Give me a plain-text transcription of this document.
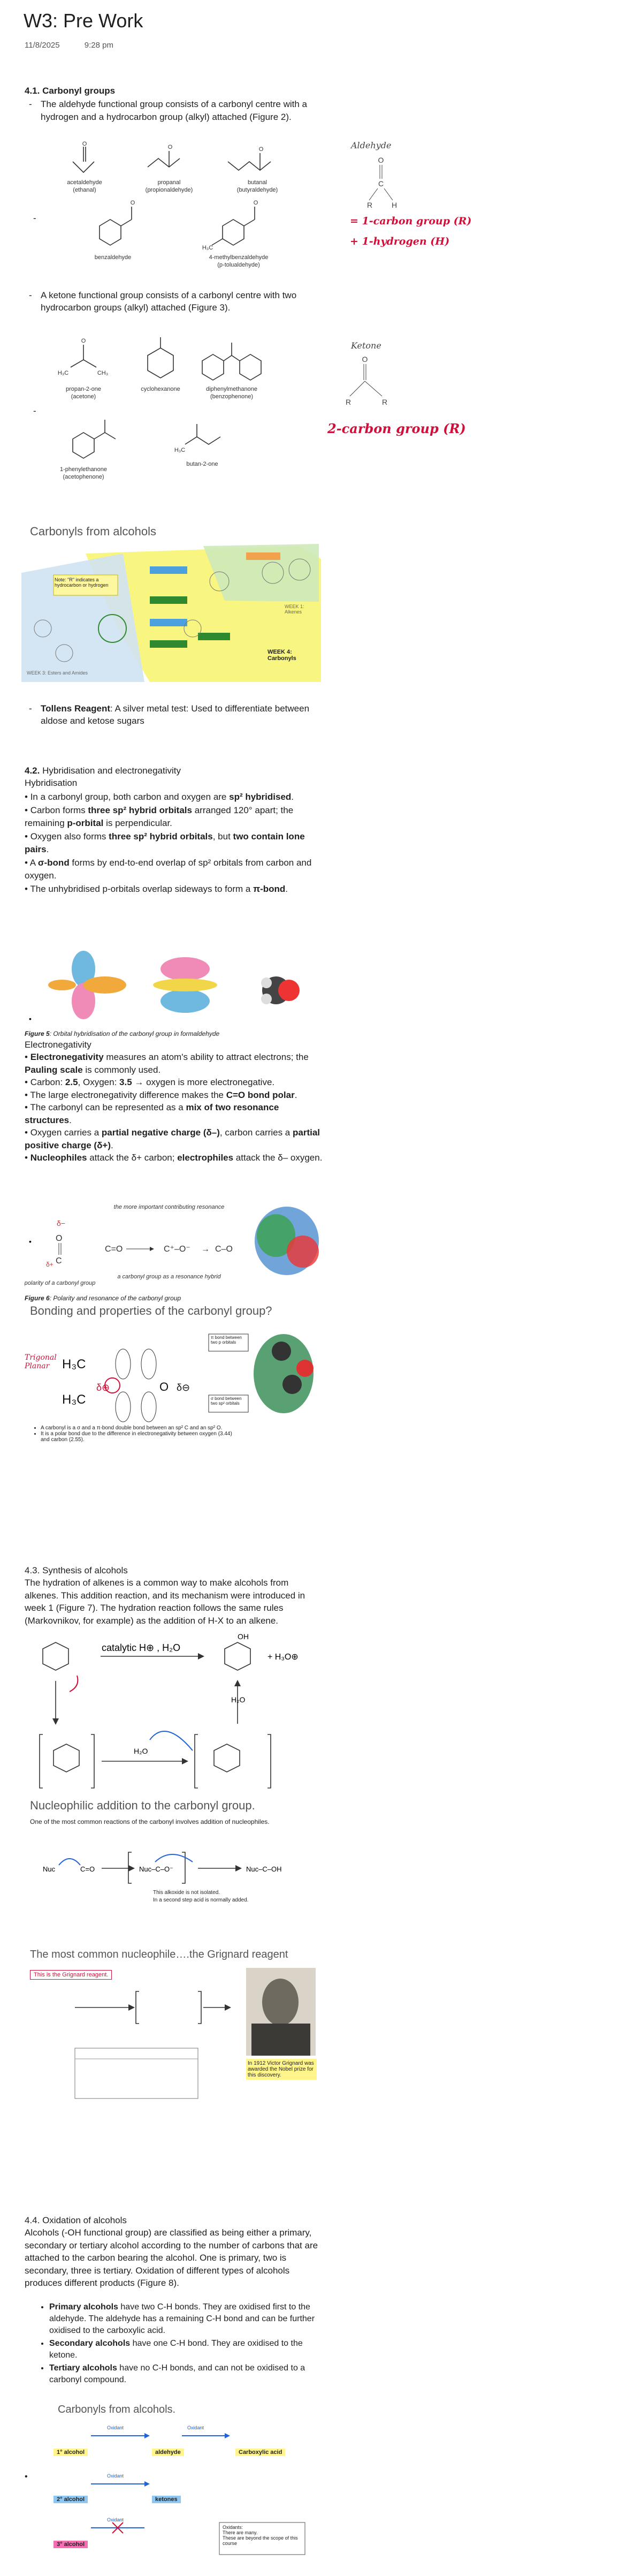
W3: Pre Work
11/8/2025	9:28 pm
4.1. Carbonyl groups
- The aldehyde functional group consists of a carbonyl centre with a hydrogen and a hydrocarbon group (alkyl) attached (Figure 2).
O
acetaldehyde
(ethanal)
O
propanal
(propionaldehyde)
O
butanal
(butyraldehyde)
O
benzaldehyde
H₃C
O
4-methylbenzaldehyde
(p-tolualdehyde)
-
- A ketone functional group consists of a carbonyl centre with two hydrocarbon groups (alkyl) attached (Figure 3).
O
H₃C	CH₃
propan-2-one
(acetone)
cyclohexanone	diphenylmethanone
(benzophenone)
1-phenylethanone
(acetophenone)
H₃C
butan-2-one
-
Aldehyde
O
C
R	H
= 1-carbon group (R)
+ 1-hydrogen (H)
Ketone
O
R	R
2-carbon group (R)
Carbonyls from alcohols
Note: "R" indicates a hydrocarbon or hydrogen
WEEK 3: Esters and Amides
WEEK 1: Alkenes
WEEK 4:
Carbonyls
- Tollens Reagent: A silver metal test: Used to differentiate between aldose and ketose sugars
4.2. Hybridisation and electronegativity
Hybridisation
• In a carbonyl group, both carbon and oxygen are sp² hybridised.
• Carbon forms three sp² hybrid orbitals arranged 120° apart; the remaining p-orbital is perpendicular.
• Oxygen also forms three sp² hybrid orbitals, but two contain lone pairs.
• A σ-bond forms by end-to-end overlap of sp² orbitals from carbon and oxygen.
• The unhybridised p-orbitals overlap sideways to form a π-bond.
•
Figure 5: Orbital hybridisation of the carbonyl group in formaldehyde
Electronegativity
• Electronegativity measures an atom's ability to attract electrons; the Pauling scale is commonly used.
• Carbon: 2.5, Oxygen: 3.5 → oxygen is more electronegative.
• The large electronegativity difference makes the C=O bond polar.
• The carbonyl can be represented as a mix of two resonance structures.
• Oxygen carries a partial negative charge (δ–), carbon carries a partial positive charge (δ+).
• Nucleophiles attack the δ+ carbon; electrophiles attack the δ– oxygen.
•
δ−
O
C
δ+
polarity of a carbonyl group
C=O	C⁺–O⁻ → C–O
the more important contributing resonance
a carbonyl group as a resonance hybrid
Figure 6: Polarity and resonance of the carbonyl group
Bonding and properties of the carbonyl group?
Trigonal Planar H₃C
H₃C
O δ⊖
δ⊕
π bond between two p orbitals
σ bond between two sp² orbitals
• A carbonyl is a σ and a π-bond double bond between an sp² C and an sp² O.
• It is a polar bond due to the difference in electronegativity between oxygen (3.44) and carbon (2.55).
4.3. Synthesis of alcohols
The hydration of alkenes is a common way to make alcohols from alkenes. This addition reaction, and its mechanism were introduced in week 1 (Figure 7). The hydration reaction follows the same rules (Markovnikov, for example) as the addition of H-X to an alkene.
catalytic H⊕ , H₂O
OH
+ H₃O⊕
H₂O
H₂O
Nucleophilic addition to the carbonyl group.
One of the most common reactions of the carbonyl involves addition of nucleophiles.
Nuc	C=O	Nuc–C–O⁻	Nuc–C–OH
This alkoxide is not isolated.
In a second step acid is normally added.
The most common nucleophile….the Grignard reagent
This is the Grignard reagent.
In 1912 Victor Grignard was awarded the Nobel prize for this discovery.
4.4. Oxidation of alcohols
Alcohols (-OH functional group) are classified as being either a primary, secondary or tertiary alcohol according to the number of carbons that are attached to the carbon bearing the alcohol. One is primary, two is secondary, three is tertiary. Oxidation of different types of alcohols produces different products (Figure 8).
• Primary alcohols have two C-H bonds. They are oxidised first to the aldehyde. The aldehyde has a remaining C-H bond and can be further oxidised to the carboxylic acid.
• Secondary alcohols have one C-H bond. They are oxidised to the ketone.
• Tertiary alcohols have no C-H bonds, and can not be oxidised to a carbonyl compound.
Carbonyls from alcohols.
•
Oxidant	Oxidant
Oxidant
Oxidant
1° alcohol	aldehyde	Carboxylic acid
2° alcohol	ketones
3° alcohol
Oxidants:
There are many.
These are beyond the scope of this course
